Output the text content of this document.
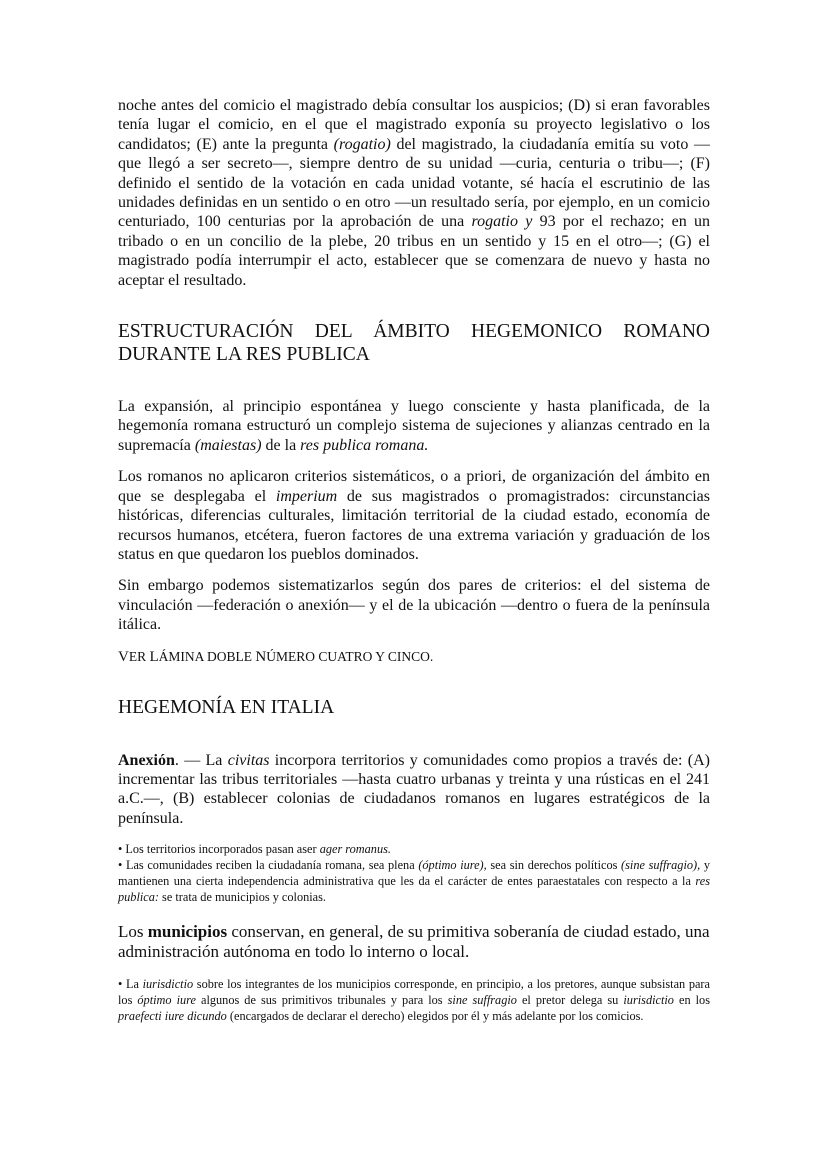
noche antes del comicio el magistrado debía consultar los auspicios; (D) si eran favorables tenía lugar el comicio, en el que el magistrado exponía su proyecto legislativo o los candidatos; (E) ante la pregunta (rogatio) del magistrado, la ciudadanía emitía su voto —que llegó a ser secreto—, siempre dentro de su unidad —curia, centuria o tribu—; (F) definido el sentido de la votación en cada unidad votante, sé hacía el escrutinio de las unidades definidas en un sentido o en otro —un resultado sería, por ejemplo, en un comicio centuriado, 100 centurias por la aprobación de una rogatio y 93 por el rechazo; en un tribado o en un concilio de la plebe, 20 tribus en un sentido y 15 en el otro—; (G) el magistrado podía interrumpir el acto, establecer que se comenzara de nuevo y hasta no aceptar el resultado.

ESTRUCTURACIÓN DEL ÁMBITO HEGEMONICO ROMANO DURANTE LA RES PUBLICA

La expansión, al principio espontánea y luego consciente y hasta planificada, de la hegemonía romana estructuró un complejo sistema de sujeciones y alianzas centrado en la supremacía (maiestas) de la res publica romana.

Los romanos no aplicaron criterios sistemáticos, o a priori, de organización del ámbito en que se desplegaba el imperium de sus magistrados o promagistrados: circunstancias históricas, diferencias culturales, limitación territorial de la ciudad estado, economía de recursos humanos, etcétera, fueron factores de una extrema variación y graduación de los status en que quedaron los pueblos dominados.

Sin embargo podemos sistematizarlos según dos pares de criterios: el del sistema de vinculación —federación o anexión— y el de la ubicación —dentro o fuera de la península itálica.

VER LÁMINA DOBLE NÚMERO CUATRO Y CINCO.

HEGEMONÍA EN ITALIA

Anexión. — La civitas incorpora territorios y comunidades como propios a través de: (A) incrementar las tribus territoriales —hasta cuatro urbanas y treinta y una rústicas en el 241 a.C.—, (B) establecer colonias de ciudadanos romanos en lugares estratégicos de la península.

• Los territorios incorporados pasan aser ager romanus.

• Las comunidades reciben la ciudadanía romana, sea plena (óptimo iure), sea sin derechos políticos (sine suffragio), y mantienen una cierta independencia administrativa que les da el carácter de entes paraestatales con respecto a la res publica: se trata de municipios y colonias.

Los municipios conservan, en general, de su primitiva soberanía de ciudad estado, una administración autónoma en todo lo interno o local.

• La iurisdictio sobre los integrantes de los municipios corresponde, en principio, a los pretores, aunque subsistan para los óptimo iure algunos de sus primitivos tribunales y para los sine suffragio el pretor delega su iurisdictio en los praefecti iure dicundo (encargados de declarar el derecho) elegidos por él y más adelante por los comicios.
